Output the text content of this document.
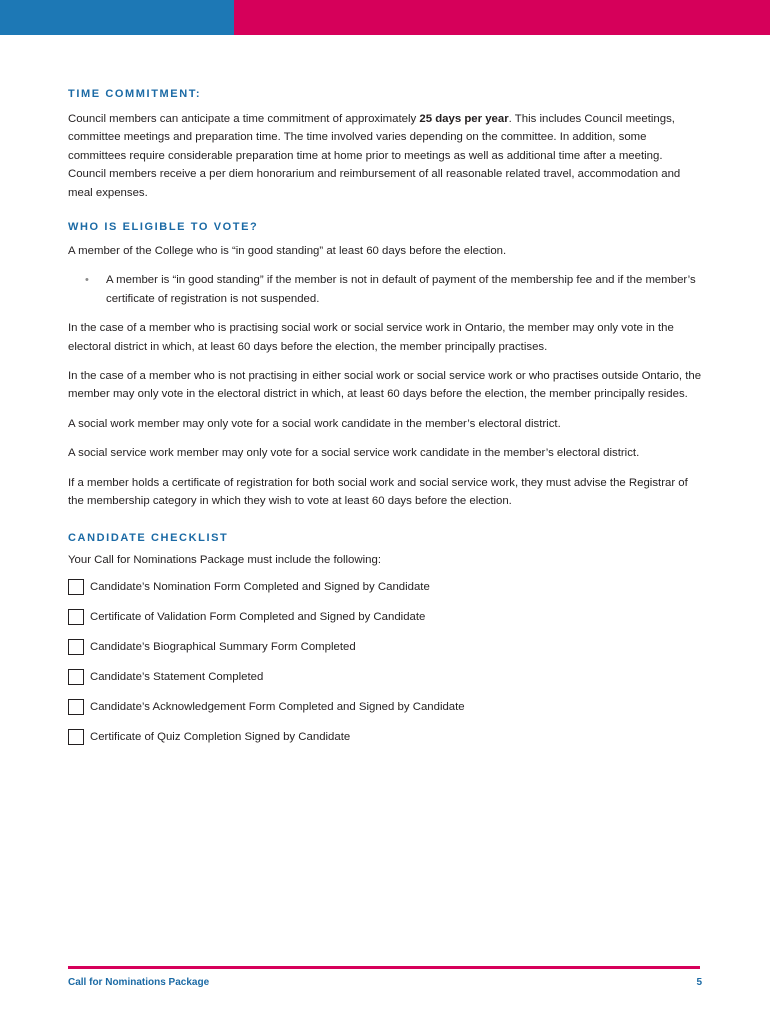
TIME COMMITMENT:

Council members can anticipate a time commitment of approximately 25 days per year. This includes Council meetings, committee meetings and preparation time. The time involved varies depending on the committee. In addition, some committees require considerable preparation time at home prior to meetings as well as additional time after a meeting. Council members receive a per diem honorarium and reimbursement of all reasonable related travel, accommodation and meal expenses.

WHO IS ELIGIBLE TO VOTE?

A member of the College who is “in good standing” at least 60 days before the election.

•	A member is “in good standing” if the member is not in default of payment of the membership fee and if the member’s certificate of registration is not suspended.

In the case of a member who is practising social work or social service work in Ontario, the member may only vote in the electoral district in which, at least 60 days before the election, the member principally practises.

In the case of a member who is not practising in either social work or social service work or who practises outside Ontario, the member may only vote in the electoral district in which, at least 60 days before the election, the member principally resides.

A social work member may only vote for a social work candidate in the member’s electoral district.

A social service work member may only vote for a social service work candidate in the member’s electoral district.

If a member holds a certificate of registration for both social work and social service work, they must advise the Registrar of the membership category in which they wish to vote at least 60 days before the election.

CANDIDATE CHECKLIST

Your Call for Nominations Package must include the following:

Candidate’s Nomination Form Completed and Signed by Candidate
Certificate of Validation Form Completed and Signed by Candidate
Candidate’s Biographical Summary Form Completed
Candidate’s Statement Completed
Candidate’s Acknowledgement Form Completed and Signed by Candidate
Certificate of Quiz Completion Signed by Candidate
Call for Nominations Package	5
